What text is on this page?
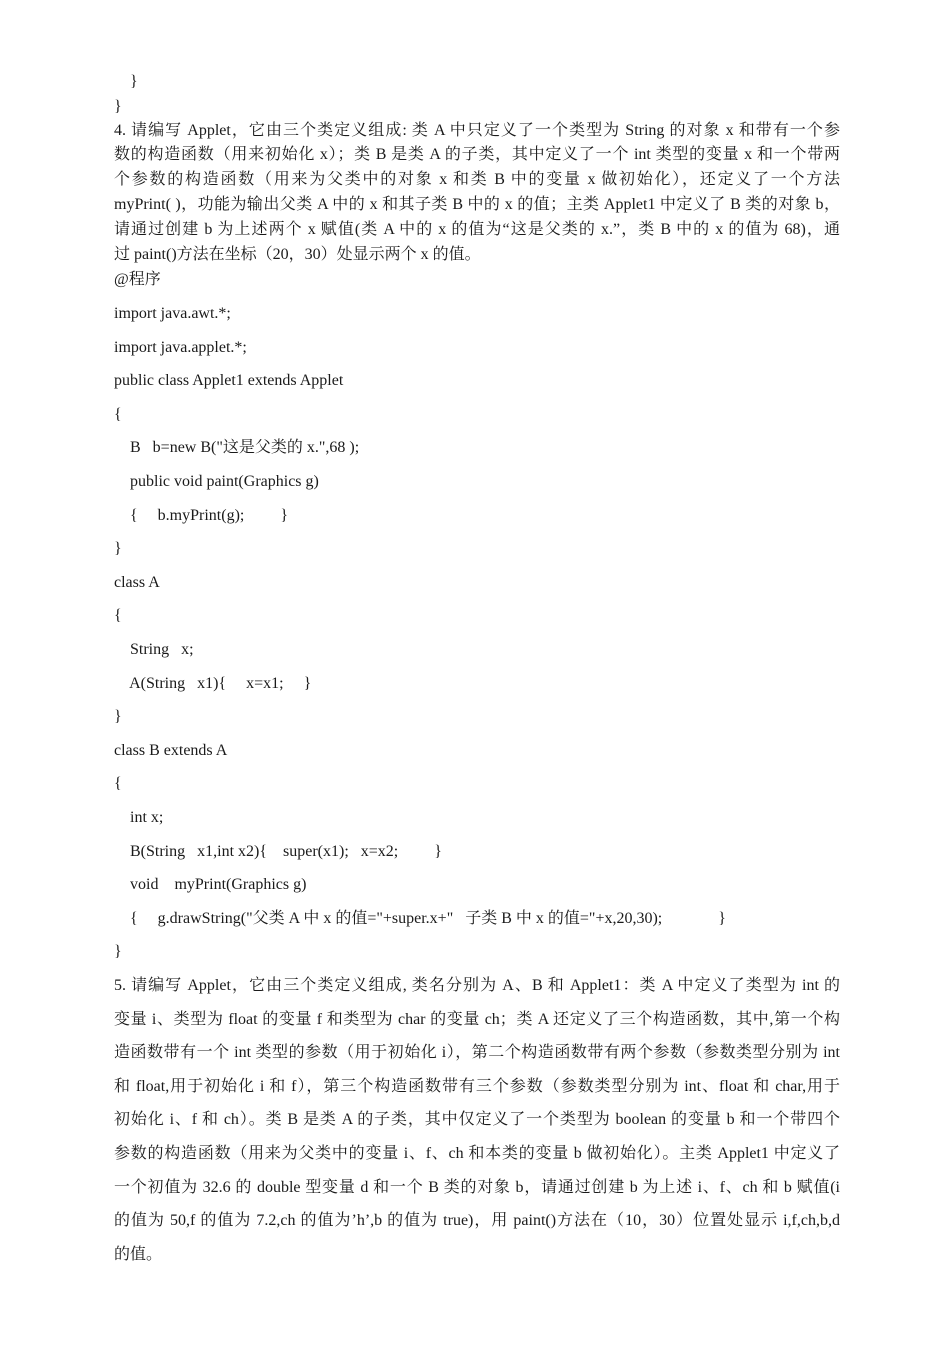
}

}

4. 请编写 Applet，它由三个类定义组成: 类 A 中只定义了一个类型为 String 的对象 x 和带有一个参

数的构造函数（用来初始化 x）；类 B 是类 A 的子类，其中定义了一个 int 类型的变量 x 和一个带两

个参数的构造函数（用来为父类中的对象 x 和类 B 中的变量 x 做初始化），还定义了一个方法

myPrint( )，功能为输出父类 A 中的 x 和其子类 B 中的 x 的值；主类 Applet1 中定义了 B 类的对象 b，

请通过创建 b 为上述两个 x 赋值(类 A 中的 x 的值为“这是父类的 x.”，类 B 中的 x 的值为 68)，通

过 paint()方法在坐标（20，30）处显示两个 x 的值。

@程序

import java.awt.*;

import java.applet.*;

public class Applet1 extends Applet

{

B   b=new B("这是父类的 x.",68 );

public void paint(Graphics g)

{     b.myPrint(g);         }

}

class A

{

String   x;

A(String   x1){     x=x1;     }

}

class B extends A

{

int x;

B(String   x1,int x2){    super(x1);   x=x2;         }

void    myPrint(Graphics g)

{     g.drawString("父类 A 中 x 的值="+super.x+"   子类 B 中 x 的值="+x,20,30);              }

}

5. 请编写 Applet，它由三个类定义组成, 类名分别为 A、B 和 Applet1：类 A 中定义了类型为 int 的

变量 i、类型为 float 的变量 f 和类型为 char 的变量 ch；类 A 还定义了三个构造函数，其中,第一个构

造函数带有一个 int 类型的参数（用于初始化 i），第二个构造函数带有两个参数（参数类型分别为 int

和 float,用于初始化 i 和 f），第三个构造函数带有三个参数（参数类型分别为 int、float 和 char,用于

初始化 i、f 和 ch）。类 B 是类 A 的子类，其中仅定义了一个类型为 boolean 的变量 b 和一个带四个

参数的构造函数（用来为父类中的变量 i、f、ch 和本类的变量 b 做初始化）。主类 Applet1 中定义了

一个初值为 32.6 的 double 型变量 d 和一个 B 类的对象 b，请通过创建 b 为上述 i、f、ch 和 b 赋值(i

的值为 50,f 的值为 7.2,ch 的值为’h’,b 的值为 true)，用 paint()方法在（10，30）位置处显示 i,f,ch,b,d

的值。
